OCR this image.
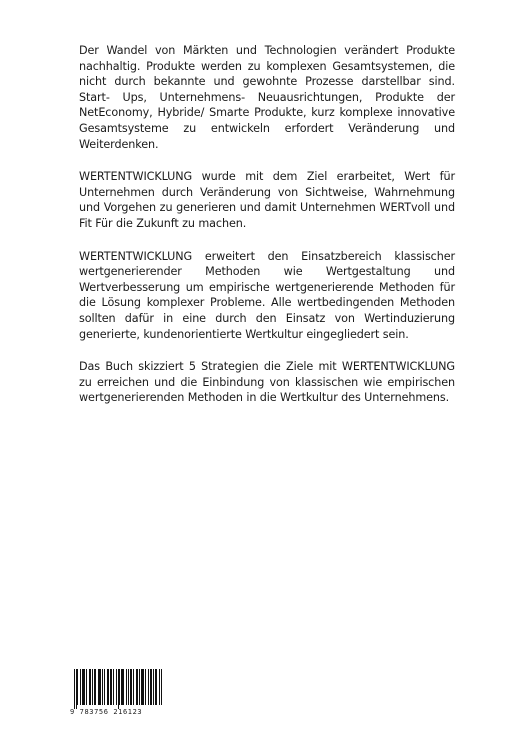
Der Wandel von Märkten und Technologien verändert Produkte nachhaltig. Produkte werden zu komplexen Gesamtsystemen, die nicht durch bekannte und gewohnte Prozesse darstellbar sind. Start- Ups, Unternehmens- Neuausrichtungen, Produkte der NetEconomy, Hybride/ Smarte Produkte, kurz komplexe innovative Gesamtsysteme zu entwickeln erfordert Veränderung und Weiterdenken.

WERTENTWICKLUNG wurde mit dem Ziel erarbeitet, Wert für Unternehmen durch Veränderung von Sichtweise, Wahrnehmung und Vorgehen zu generieren und damit Unternehmen WERTvoll und Fit Für die Zukunft zu machen.

WERTENTWICKLUNG erweitert den Einsatzbereich klassischer wertgenerierender Methoden wie Wertgestaltung und Wertverbesserung um empirische wertgenerierende Methoden für die Lösung komplexer Probleme. Alle wertbedingenden Methoden sollten dafür in eine durch den Einsatz von Wertinduzierung generierte, kundenorientierte Wertkultur eingegliedert sein.

Das Buch skizziert 5 Strategien die Ziele mit WERTENTWICKLUNG zu erreichen und die Einbindung von klassischen wie empirischen wertgenerierenden Methoden in die Wertkultur des Unternehmens.

9 783756 216123
